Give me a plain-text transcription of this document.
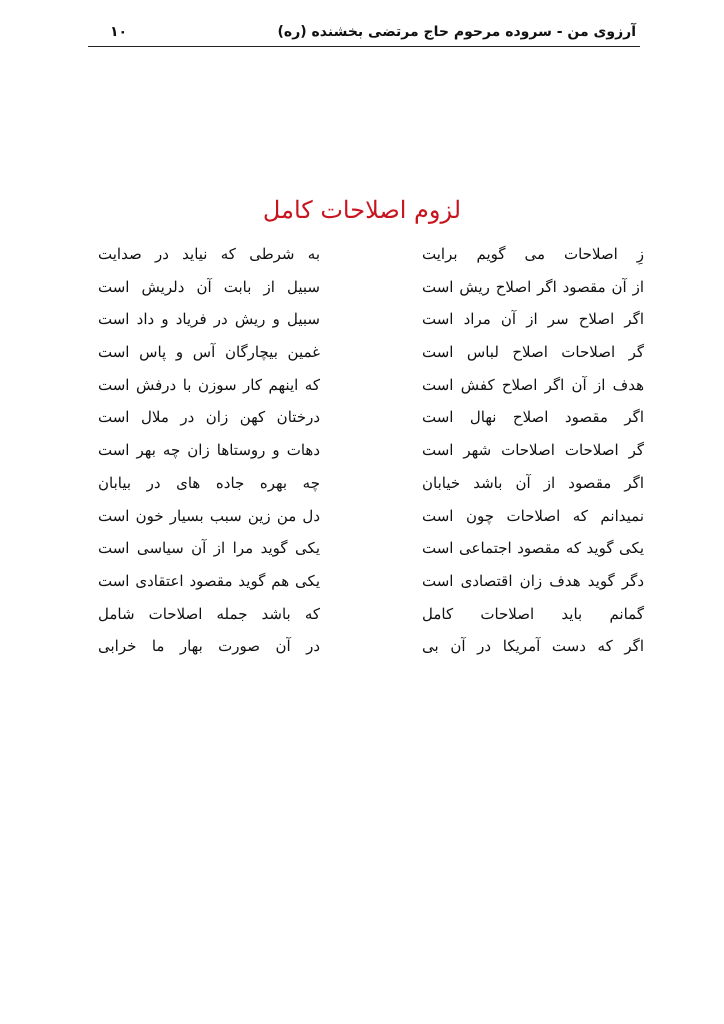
آرزوی من - سروده مرحوم حاج مرتضی بخشنده (ره)
۱۰
لزوم اصلاحات کامل
زِ اصلاحات می گویم برایت
به شرطی که نیاید در صدایت
از آن مقصود اگر اصلاح ریش است
سبیل از بابت آن دلریش است
اگر اصلاح سر از آن مراد است
سبیل و ریش در فریاد و داد است
گر اصلاحات اصلاح لباس است
غمین بیچارگان آس و پاس است
هدف از آن اگر اصلاح کفش است
که اینهم کار سوزن با درفش است
اگر مقصود اصلاح نهال است
درختان کهن زان در ملال است
گر اصلاحات اصلاحات شهر است
دهات و روستاها زان چه بهر است
اگر مقصود از آن باشد خیابان
چه بهره جاده های در بیابان
نمیدانم که اصلاحات چون است
دل من زین سبب بسیار خون است
یکی گوید که مقصود اجتماعی است
یکی گوید مرا از آن سیاسی است
دگر گوید هدف زان اقتصادی است
یکی هم گوید مقصود اعتقادی است
گمانم باید اصلاحات کامل
که باشد جمله اصلاحات شامل
اگر که دست آمریکا در آن بی
در آن صورت بهار ما خرابی
